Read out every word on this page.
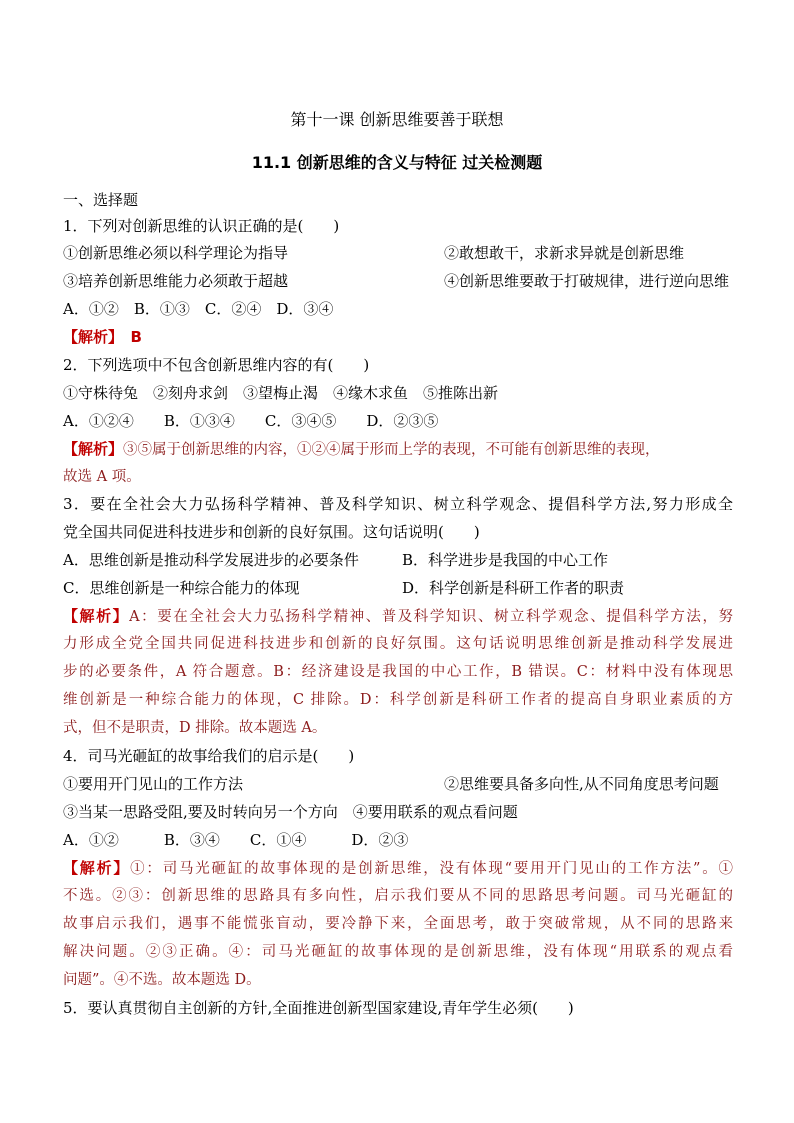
第十一课 创新思维要善于联想
11.1 创新思维的含义与特征 过关检测题
一、选择题
1．下列对创新思维的认识正确的是(　　)
①创新思维必须以科学理论为指导	②敢想敢干，求新求异就是创新思维
③培养创新思维能力必须敢于超越	④创新思维要敢于打破规律，进行逆向思维
A．①②　B．①③　C．②④　D．③④
【解析】　B
2．下列选项中不包含创新思维内容的有(　　)
①守株待兔　②刻舟求剑　③望梅止渴　④缘木求鱼　⑤推陈出新
A．①②④　　B．①③④　　C．③④⑤　　D．②③⑤
【解析】③⑤属于创新思维的内容，①②④属于形而上学的表现，不可能有创新思维的表现，
故选 A 项。
3．要在全社会大力弘扬科学精神、普及科学知识、树立科学观念、提倡科学方法,努力形成全
党全国共同促进科技进步和创新的良好氛围。这句话说明(　　)
A．思维创新是推动科学发展进步的必要条件	B．科学进步是我国的中心工作
C．思维创新是一种综合能力的体现	D．科学创新是科研工作者的职责
【解析】A：要在全社会大力弘扬科学精神、普及科学知识、树立科学观念、提倡科学方法，努
力形成全党全国共同促进科技进步和创新的良好氛围。这句话说明思维创新是推动科学发展进
步的必要条件，A 符合题意。B：经济建设是我国的中心工作，B 错误。C：材料中没有体现思
维创新是一种综合能力的体现，C 排除。D：科学创新是科研工作者的提高自身职业素质的方
式，但不是职责，D 排除。故本题选 A。
4．司马光砸缸的故事给我们的启示是(　　)
①要用开门见山的工作方法	②思维要具备多向性,从不同角度思考问题
③当某一思路受阻,要及时转向另一个方向　④要用联系的观点看问题
A．①②　　　B．③④　　C．①④　　　D．②③
【解析】①：司马光砸缸的故事体现的是创新思维，没有体现“要用开门见山的工作方法”。①
不选。②③：创新思维的思路具有多向性，启示我们要从不同的思路思考问题。司马光砸缸的
故事启示我们，遇事不能慌张盲动，要冷静下来，全面思考，敢于突破常规，从不同的思路来
解决问题。②③正确。④：司马光砸缸的故事体现的是创新思维，没有体现“用联系的观点看
问题”。④不选。故本题选 D。
5．要认真贯彻自主创新的方针,全面推进创新型国家建设,青年学生必须(　　)
